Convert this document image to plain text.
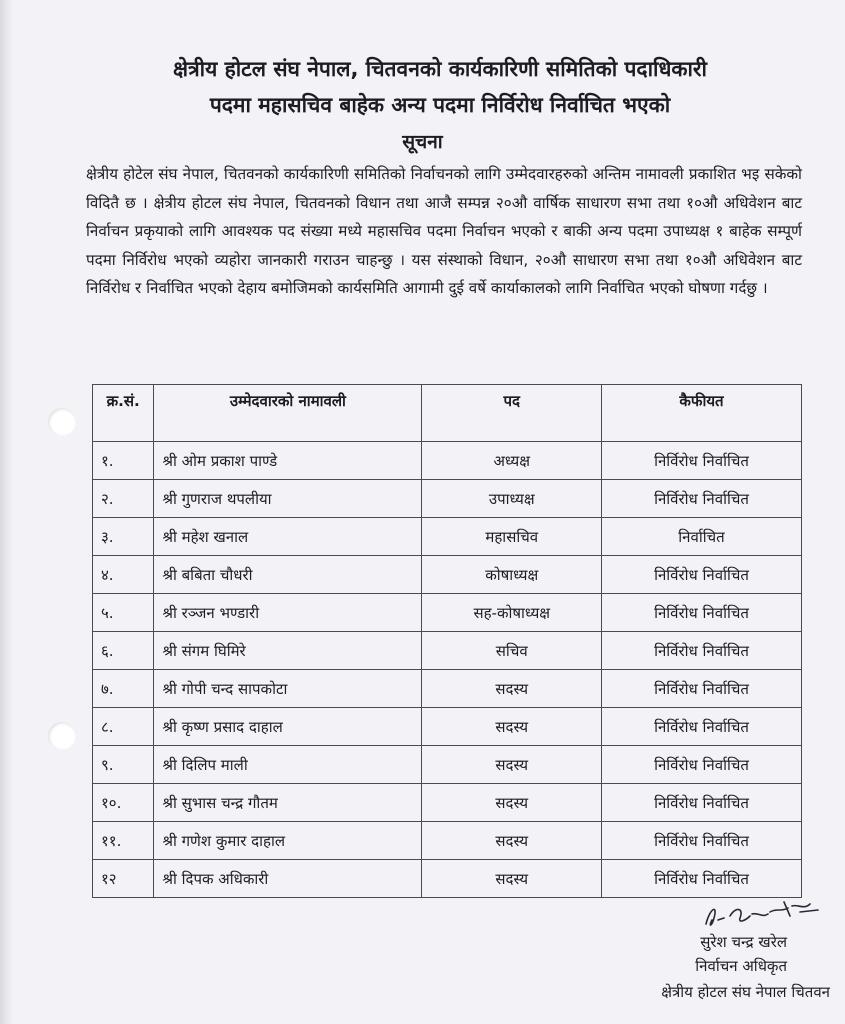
क्षेत्रीय होटल संघ नेपाल, चितवनको कार्यकारिणी समितिको पदाधिकारी
पदमा महासचिव बाहेक अन्य पदमा निर्विरोध निर्वाचित भएको
सूचना
क्षेत्रीय होटेल संघ नेपाल, चितवनको कार्यकारिणी समितिको निर्वाचनको लागि उम्मेदवारहरुको अन्तिम नामावली प्रकाशित भइ सकेको विदितै छ । क्षेत्रीय होटल संघ नेपाल, चितवनको विधान तथा आजै सम्पन्न २०औ वार्षिक साधारण सभा तथा १०औ अधिवेशन बाट निर्वाचन प्रकृयाको लागि आवश्यक पद संख्या मध्ये महासचिव पदमा निर्वाचन भएको र बाकी अन्य पदमा उपाध्यक्ष १ बाहेक सम्पूर्ण पदमा निर्विरोध भएको व्यहोरा जानकारी गराउन चाहन्छु । यस संस्थाको विधान, २०औ साधारण सभा तथा १०औ अधिवेशन बाट निर्विरोध र निर्वाचित भएको देहाय बमोजिमको कार्यसमिति आगामी दुई वर्षे कार्याकालको लागि निर्वाचित भएको घोषणा गर्दछु ।
क्र.सं.	उम्मेदवारको नामावली	पद	कैफीयत
१.	श्री ओम प्रकाश पाण्डे	अध्यक्ष	निर्विरोध निर्वाचित
२.	श्री गुणराज थपलीया	उपाध्यक्ष	निर्विरोध निर्वाचित
३.	श्री महेश खनाल	महासचिव	निर्वाचित
४.	श्री बबिता चौधरी	कोषाध्यक्ष	निर्विरोध निर्वाचित
५.	श्री रञ्जन भण्डारी	सह-कोषाध्यक्ष	निर्विरोध निर्वाचित
६.	श्री संगम घिमिरे	सचिव	निर्विरोध निर्वाचित
७.	श्री गोपी चन्द सापकोटा	सदस्य	निर्विरोध निर्वाचित
८.	श्री कृष्ण प्रसाद दाहाल	सदस्य	निर्विरोध निर्वाचित
९.	श्री दिलिप माली	सदस्य	निर्विरोध निर्वाचित
१०.	श्री सुभास चन्द्र गौतम	सदस्य	निर्विरोध निर्वाचित
११.	श्री गणेश कुमार दाहाल	सदस्य	निर्विरोध निर्वाचित
१२	श्री दिपक अधिकारी	सदस्य	निर्विरोध निर्वाचित
सुरेश चन्द्र खरेल
निर्वाचन अधिकृत
क्षेत्रीय होटल संघ नेपाल चितवन
